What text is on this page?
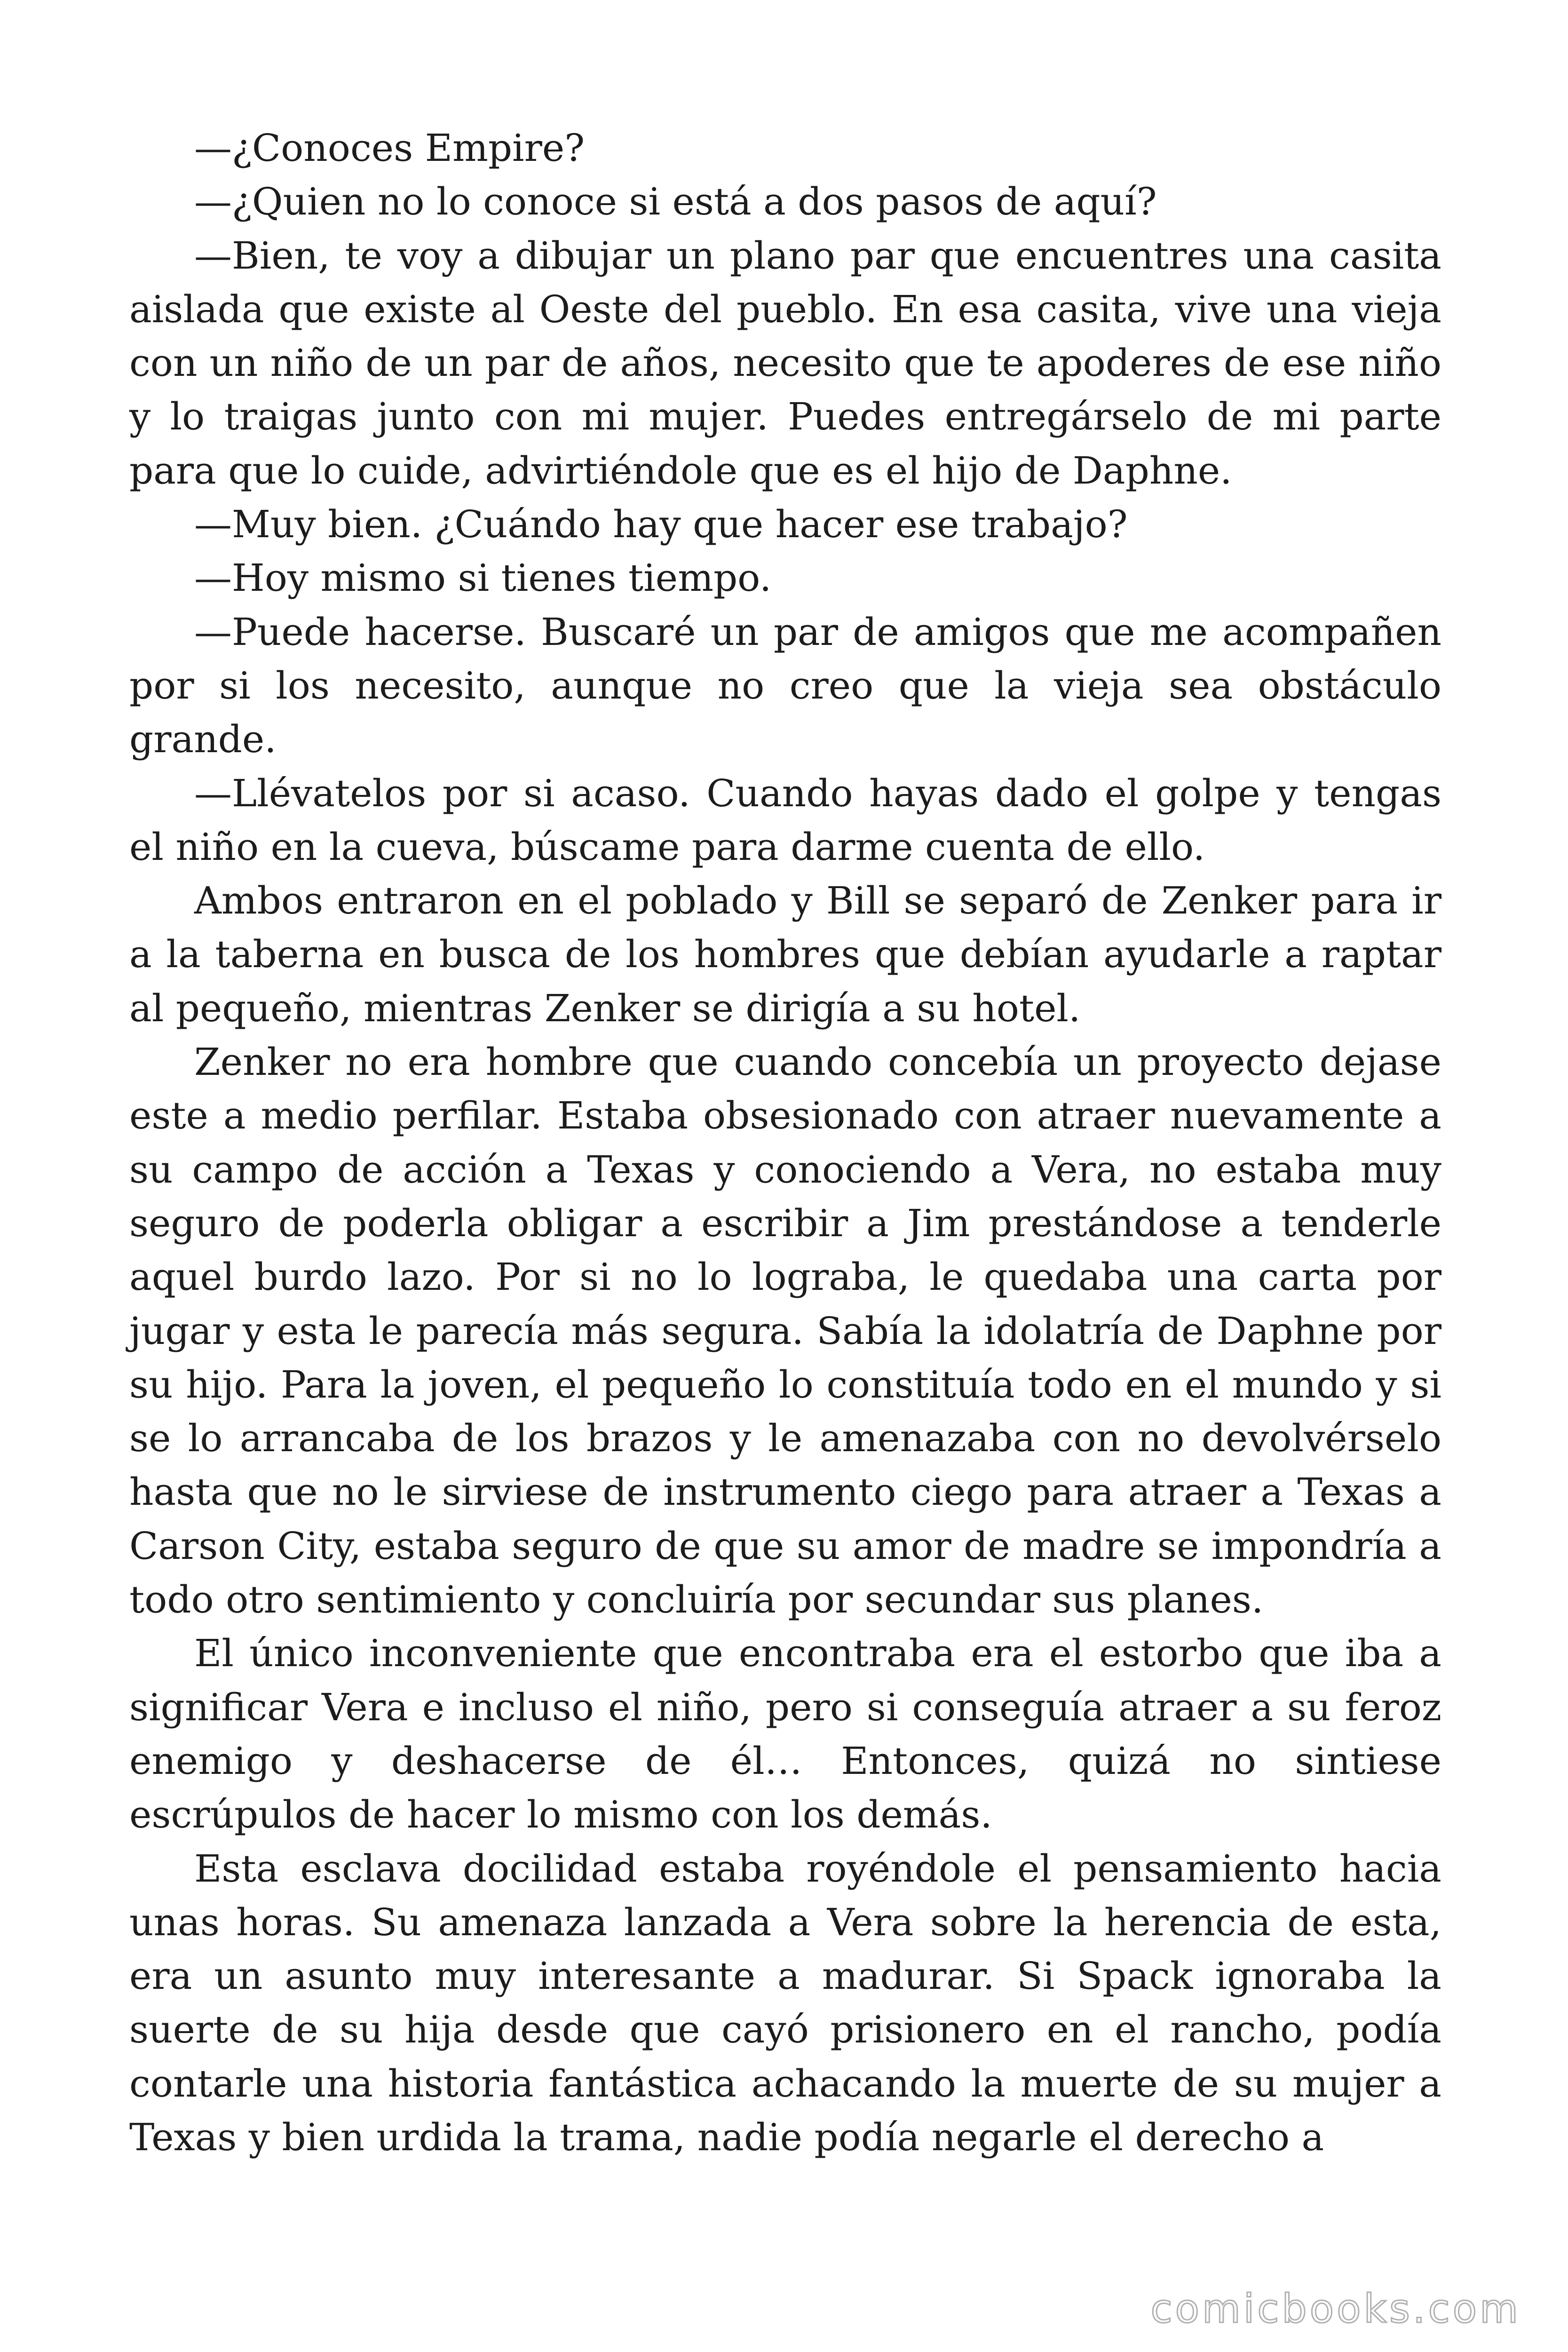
—¿Conoces Empire?

—¿Quien no lo conoce si está a dos pasos de aquí?

—Bien, te voy a dibujar un plano par que encuentres una casita aislada que existe al Oeste del pueblo. En esa casita, vive una vieja con un niño de un par de años, necesito que te apoderes de ese niño y lo traigas junto con mi mujer. Puedes entregárselo de mi parte para que lo cuide, advirtiéndole que es el hijo de Daphne.

—Muy bien. ¿Cuándo hay que hacer ese trabajo?

—Hoy mismo si tienes tiempo.

—Puede hacerse. Buscaré un par de amigos que me acompañen por si los necesito, aunque no creo que la vieja sea obstáculo grande.

—Llévatelos por si acaso. Cuando hayas dado el golpe y tengas el niño en la cueva, búscame para darme cuenta de ello.

Ambos entraron en el poblado y Bill se separó de Zenker para ir a la taberna en busca de los hombres que debían ayudarle a raptar al pequeño, mientras Zenker se dirigía a su hotel.

Zenker no era hombre que cuando concebía un proyecto dejase este a medio perfilar. Estaba obsesionado con atraer nuevamente a su campo de acción a Texas y conociendo a Vera, no estaba muy seguro de poderla obligar a escribir a Jim prestándose a tenderle aquel burdo lazo. Por si no lo lograba, le quedaba una carta por jugar y esta le parecía más segura. Sabía la idolatría de Daphne por su hijo. Para la joven, el pequeño lo constituía todo en el mundo y si se lo arrancaba de los brazos y le amenazaba con no devolvérselo hasta que no le sirviese de instrumento ciego para atraer a Texas a Carson City, estaba seguro de que su amor de madre se impondría a todo otro sentimiento y concluiría por secundar sus planes.

El único inconveniente que encontraba era el estorbo que iba a significar Vera e incluso el niño, pero si conseguía atraer a su feroz enemigo y deshacerse de él… Entonces, quizá no sintiese escrúpulos de hacer lo mismo con los demás.

Esta esclava docilidad estaba royéndole el pensamiento hacia unas horas. Su amenaza lanzada a Vera sobre la herencia de esta, era un asunto muy interesante a madurar. Si Spack ignoraba la suerte de su hija desde que cayó prisionero en el rancho, podía contarle una historia fantástica achacando la muerte de su mujer a Texas y bien urdida la trama, nadie podía negarle el derecho a

comicbooks.com
